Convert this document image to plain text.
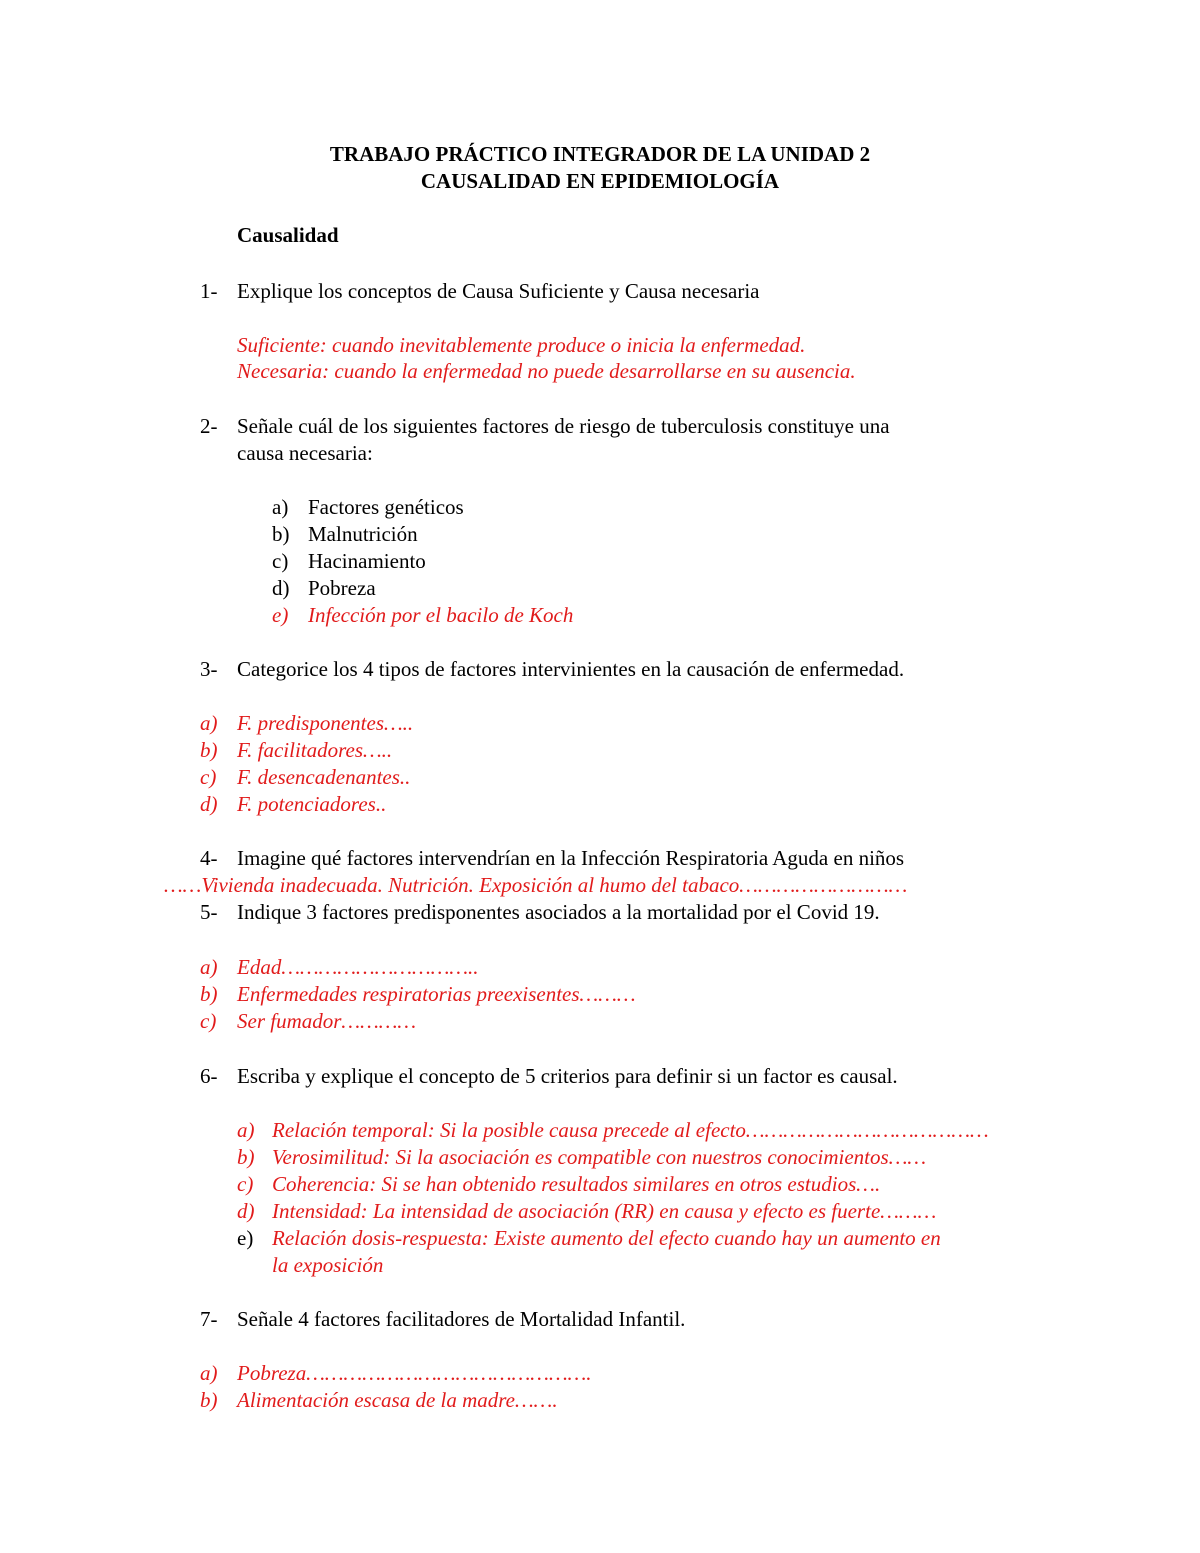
TRABAJO PRÁCTICO INTEGRADOR DE LA UNIDAD 2
CAUSALIDAD EN EPIDEMIOLOGÍA
Causalidad
1- Explique los conceptos de Causa Suficiente y Causa necesaria
Suficiente: cuando inevitablemente produce o inicia la enfermedad.
Necesaria: cuando la enfermedad no puede desarrollarse en su ausencia.
2- Señale cuál de los siguientes factores de riesgo de tuberculosis constituye una
causa necesaria:
a) Factores genéticos
b) Malnutrición
c) Hacinamiento
d) Pobreza
e) Infección por el bacilo de Koch
3- Categorice los 4 tipos de factores intervinientes en la causación de enfermedad.
a) F. predisponentes…..
b) F. facilitadores…..
c) F. desencadenantes..
d) F. potenciadores..
4- Imagine qué factores intervendrían en la Infección Respiratoria Aguda en niños
……Vivienda inadecuada. Nutrición. Exposición al humo del tabaco………………………
5- Indique 3 factores predisponentes asociados a la mortalidad por el Covid 19.
a) Edad…………………………..
b) Enfermedades respiratorias preexisentes………
c) Ser fumador…………
6- Escriba y explique el concepto de 5 criterios para definir si un factor es causal.
a) Relación temporal: Si la posible causa precede al efecto…………………………………
b) Verosimilitud: Si la asociación es compatible con nuestros conocimientos……
c) Coherencia: Si se han obtenido resultados similares en otros estudios….
d) Intensidad: La intensidad de asociación (RR) en causa y efecto es fuerte………
e) Relación dosis-respuesta: Existe aumento del efecto cuando hay un aumento en
la exposición
7- Señale 4 factores facilitadores de Mortalidad Infantil.
a) Pobreza……………………………………….
b) Alimentación escasa de la madre…….
